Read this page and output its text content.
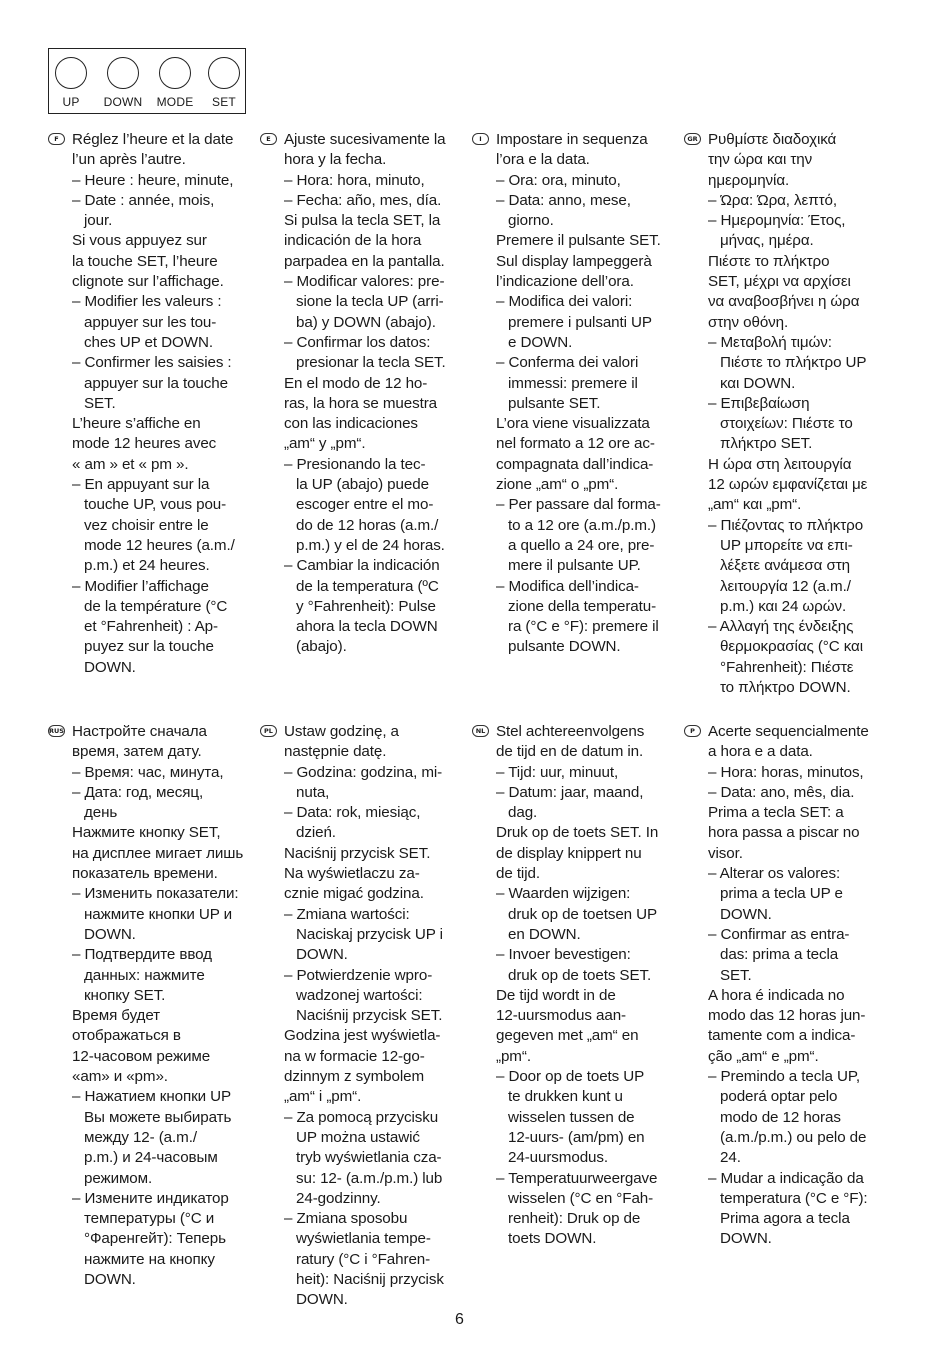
UP	DOWN MODE	SET
F Réglez l’heure et la date
l’un après l’autre.
– Heure : heure, minute,
– Date : année, mois,
jour.
Si vous appuyez sur
la touche SET, l’heure
clignote sur l’affichage.
– Modifier les valeurs :
appuyer sur les tou-
ches UP et DOWN.
– Confirmer les saisies :
appuyer sur la touche
SET.
L’heure s’affiche en
mode 12 heures avec
« am » et « pm ».
– En appuyant sur la
touche UP, vous pou-
vez choisir entre le
mode 12 heures (a.m./
p.m.) et 24 heures.
– Modifier l’affichage
de la température (°C
et °Fahrenheit) : Ap-
puyez sur la touche
DOWN.
E Ajuste sucesivamente la
hora y la fecha.
– Hora: hora, minuto,
– Fecha: año, mes, día.
Si pulsa la tecla SET, la
indicación de la hora
parpadea en la pantalla.
– Modificar valores: pre-
sione la tecla UP (arri-
ba) y DOWN (abajo).
– Confirmar los datos:
presionar la tecla SET.
En el modo de 12 ho-
ras, la hora se muestra
con las indicaciones
„am“ y „pm“.
– Presionando la tec-
la UP (abajo) puede
escoger entre el mo-
do de 12 horas (a.m./
p.m.) y el de 24 horas.
– Cambiar la indicación
de la temperatura (ºC
y °Fahrenheit): Pulse
ahora la tecla DOWN
(abajo).
I Impostare in sequenza
l’ora e la data.
– Ora: ora, minuto,
– Data: anno, mese,
giorno.
Premere il pulsante SET.
Sul display lampeggerà
l’indicazione dell’ora.
– Modifica dei valori:
premere i pulsanti UP
e DOWN.
– Conferma dei valori
immessi: premere il
pulsante SET.
L’ora viene visualizzata
nel formato a 12 ore ac-
compagnata dall’indica-
zione „am“ o „pm“.
– Per passare dal forma-
to a 12 ore (a.m./p.m.)
a quello a 24 ore, pre-
mere il pulsante UP.
– Modifica dell’indica-
zione della temperatu-
ra (°C e °F): premere il
pulsante DOWN.
GR Ρυθμίστε διαδοχικά
την ώρα και την
ημερομηνία.
– Ώρα: Ώρα, λεπτό,
– Ημερομηνία: Έτος,
μήνας, ημέρα.
Πιέστε το πλήκτρο
SET, μέχρι να αρχίσει
να αναβοσβήνει η ώρα
στην οθόνη.
– Μεταβολή τιμών:
Πιέστε το πλήκτρο UP
και DOWN.
– Επιβεβαίωση
στοιχείων: Πιέστε το
πλήκτρο SET.
Η ώρα στη λειτουργία
12 ωρών εμφανίζεται με
„am“ και „pm“.
– Πιέζοντας το πλήκτρο
UP μπορείτε να επι-
λέξετε ανάμεσα στη
λειτουργία 12 (a.m./
p.m.) και 24 ωρών.
– Αλλαγή της ένδειξης
θερμοκρασίας (°C και
°Fahrenheit): Πιέστε
το πλήκτρο DOWN.
RUS Настройте сначала
время, затем дату.
– Время: час, минута,
– Дата: год, месяц,
день
Нажмите кнопку SET,
на дисплее мигает лишь
показатель времени.
– Изменить показатели:
нажмите кнопки UP и
DOWN.
– Подтвердите ввод
данных: нажмите
кнопку SET.
Время будет
отображаться в
12-часовом режиме
«am» и «pm».
– Нажатием кнопки UP
Вы можете выбирать
между 12- (a.m./
p.m.) и 24-часовым
режимом.
– Измените индикатор
температуры (°C и
°Фаренгейт): Теперь
нажмите на кнопку
DOWN.
PL Ustaw godzinę, a
następnie datę.
– Godzina: godzina, mi-
nuta,
– Data: rok, miesiąc,
dzień.
Naciśnij przycisk SET.
Na wyświetlaczu za-
cznie migać godzina.
– Zmiana wartości:
Naciskaj przycisk UP i
DOWN.
– Potwierdzenie wpro-
wadzonej wartości:
Naciśnij przycisk SET.
Godzina jest wyświetla-
na w formacie 12-go-
dzinnym z symbolem
„am“ i „pm“.
– Za pomocą przycisku
UP można ustawić
tryb wyświetlania cza-
su: 12- (a.m./p.m.) lub
24-godzinny.
– Zmiana sposobu
wyświetlania tempe-
ratury (°C i °Fahren-
heit): Naciśnij przycisk
DOWN.
NL Stel achtereenvolgens
de tijd en de datum in.
– Tijd: uur, minuut,
– Datum: jaar, maand,
dag.
Druk op de toets SET. In
de display knippert nu
de tijd.
– Waarden wijzigen:
druk op de toetsen UP
en DOWN.
– Invoer bevestigen:
druk op de toets SET.
De tijd wordt in de
12-uursmodus aan-
gegeven met „am“ en
„pm“.
– Door op de toets UP
te drukken kunt u
wisselen tussen de
12-uurs- (am/pm) en
24-uursmodus.
– Temperatuurweergave
wisselen (°C en °Fah-
renheit): Druk op de
toets DOWN.
P Acerte sequencialmente
a hora e a data.
– Hora: horas, minutos,
– Data: ano, mês, dia.
Prima a tecla SET: a
hora passa a piscar no
visor.
– Alterar os valores:
prima a tecla UP e
DOWN.
– Confirmar as entra-
das: prima a tecla
SET.
A hora é indicada no
modo das 12 horas jun-
tamente com a indica-
ção „am“ e „pm“.
– Premindo a tecla UP,
poderá optar pelo
modo de 12 horas
(a.m./p.m.) ou pelo de
24.
– Mudar a indicação da
temperatura (°C e °F):
Prima agora a tecla
DOWN.
6
